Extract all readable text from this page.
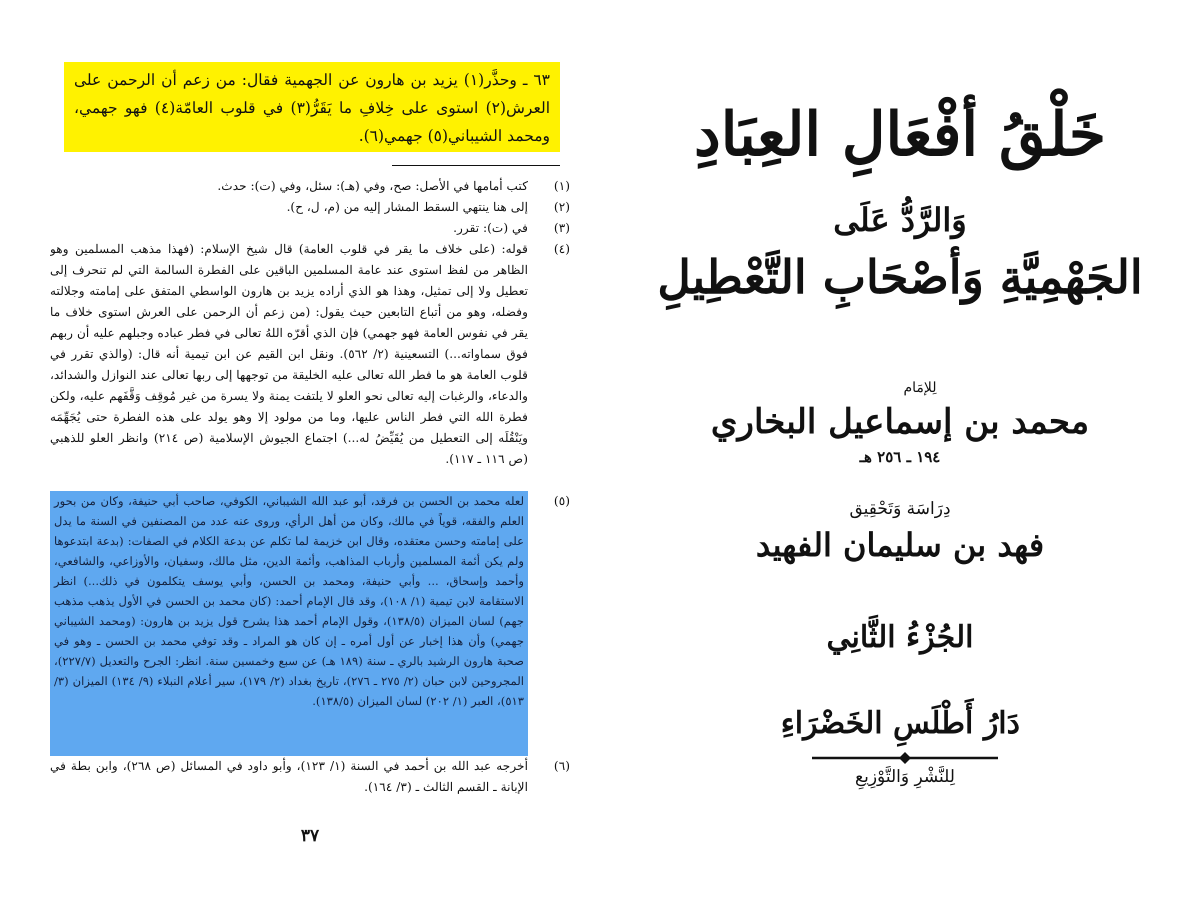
٦٣ ـ وحذَّر(١) يزيد بن هارون عن الجهمية فقال: من زعم أن الرحمن على العرش(٢) استوى على خِلافِ ما يَقَرُّ(٣) في قلوب العامّة(٤) فهو جهمي، ومحمد الشيباني(٥) جهمي(٦).
(١)

كتب أمامها في الأصل: صح، وفي (هـ): سئل، وفي (ت): حدث.

(٢)

إلى هنا ينتهي السقط المشار إليه من (م، ل، ح).

(٣)

في (ت): تقرر.

(٤)

قوله: (على خلاف ما يقر في قلوب العامة) قال شيخ الإسلام: (فهذا مذهب المسلمين وهو الظاهر من لفظ استوى عند عامة المسلمين الباقين على الفطرة السالمة التي لم تنحرف إلى تعطيل ولا إلى تمثيل، وهذا هو الذي أراده يزيد بن هارون الواسطي المتفق على إمامته وجلالته وفضله، وهو من أتباع التابعين حيث يقول: (من زعم أن الرحمن على العرش استوى خلاف ما يقر في نفوس العامة فهو جهمي) فإن الذي أقرّه اللهُ تعالى في فطر عباده وجبلهم عليه أن ربهم فوق سماواته...) التسعينية (٢/ ٥٦٢). ونقل ابن القيم عن ابن تيمية أنه قال: (والذي تقرر في قلوب العامة هو ما فطر الله تعالى عليه الخليقة من توجهها إلى ربها تعالى عند النوازل والشدائد، والدعاء، والرغبات إليه تعالى نحو العلو لا يلتفت يمنة ولا يسرة من غير مُوقِف وَقَّفَهم عليه، ولكن فطرة الله التي فطر الناس عليها، وما من مولود إلا وهو يولد على هذه الفطرة حتى يُجَهِّمَه ويَنْقُلَه إلى التعطيل من يُقَيِّضُ له...) اجتماع الجيوش الإسلامية (ص ٢١٤) وانظر العلو للذهبي (ص ١١٦ ـ ١١٧).

(٥)

لعله محمد بن الحسن بن فرقد، أبو عبد الله الشيباني، الكوفي، صاحب أبي حنيفة، وكان من بحور العلم والفقه، قوياً في مالك، وكان من أهل الرأي، وروى عنه عدد من المصنفين في السنة ما يدل على إمامته وحسن معتقده، وقال ابن خزيمة لما تكلم عن بدعة الكلام في الصفات: (بدعة ابتدعوها ولم يكن أئمة المسلمين وأرباب المذاهب، وأئمة الدين، مثل مالك، وسفيان، والأوزاعي، والشافعي، وأحمد وإسحاق، ... وأبي حنيفة، ومحمد بن الحسن، وأبي يوسف يتكلمون في ذلك...) انظر الاستقامة لابن تيمية (١/ ١٠٨)، وقد قال الإمام أحمد: (كان محمد بن الحسن في الأول يذهب مذهب جهم) لسان الميزان (١٣٨/٥)، وقول الإمام أحمد هذا يشرح قول يزيد بن هارون: (ومحمد الشيباني جهمي) وأن هذا إخبار عن أول أمره ـ إن كان هو المراد ـ وقد توفي محمد بن الحسن ـ وهو في صحبة هارون الرشيد بالري ـ سنة (١٨٩ هـ) عن سبع وخمسين سنة. انظر: الجرح والتعديل (٢٢٧/٧)، المجروحين لابن حبان (٢/ ٢٧٥ ـ ٢٧٦)، تاريخ بغداد (٢/ ١٧٩)، سير أعلام النبلاء (٩/ ١٣٤) الميزان (٣/ ٥١٣)، العبر (١/ ٢٠٢) لسان الميزان (١٣٨/٥).

(٦)

أخرجه عبد الله بن أحمد في السنة (١/ ١٢٣)، وأبو داود في المسائل (ص ٢٦٨)، وابن بطة في الإبانة ـ القسم الثالث ـ (٣/ ١٦٤).

٣٧
خَلْقُ أفْعَالِ العِبَادِ
وَالرَّدُّ عَلَى
الجَهْمِيَّةِ وَأصْحَابِ التَّعْطِيلِ
لِلإمَام
محمد بن إسماعيل البخاري
١٩٤ ـ ٢٥٦ هـ
دِرَاسَة وَتَحْقِيق
فهد بن سليمان الفهيد
الجُزْءُ الثَّانِي
دَارُ أَطْلَسِ الخَضْرَاءِ
لِلنَّشْرِ وَالتَّوْزِيعِ
